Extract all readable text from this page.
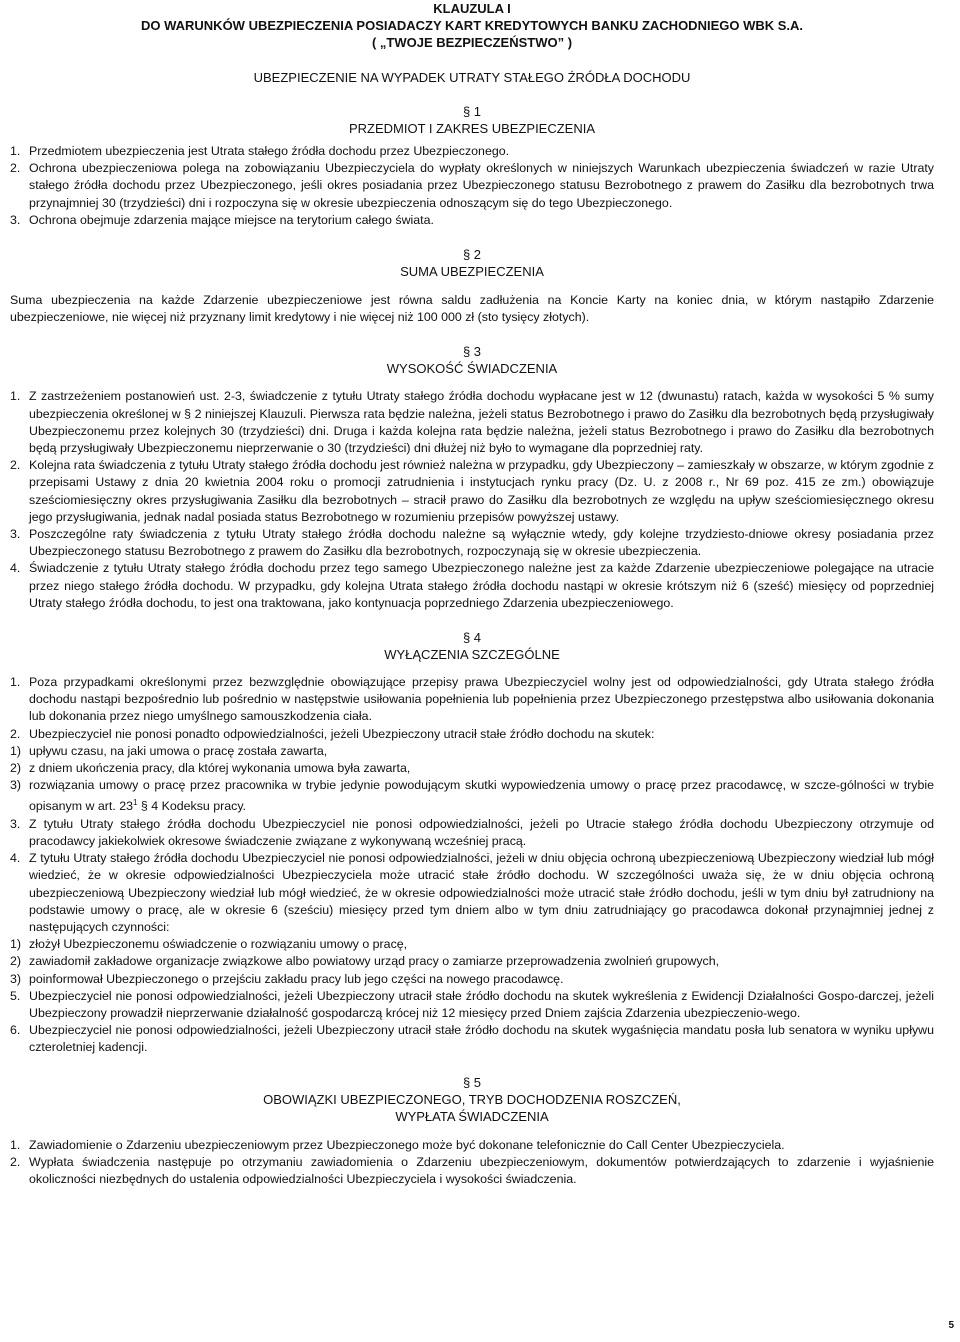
KLAUZULA I
DO WARUNKÓW UBEZPIECZENIA POSIADACZY KART KREDYTOWYCH BANKU ZACHODNIEGO WBK S.A.
( „TWOJE BEZPIECZEŃSTWO” )
UBEZPIECZENIE NA WYPADEK UTRATY STAŁEGO ŹRÓDŁA DOCHODU
§ 1
PRZEDMIOT I ZAKRES UBEZPIECZENIA
1. Przedmiotem ubezpieczenia jest Utrata stałego źródła dochodu przez Ubezpieczonego.
2. Ochrona ubezpieczeniowa polega na zobowiązaniu Ubezpieczyciela do wypłaty określonych w niniejszych Warunkach ubezpieczenia świadczeń w razie Utraty stałego źródła dochodu przez Ubezpieczonego, jeśli okres posiadania przez Ubezpieczonego statusu Bezrobotnego z prawem do Zasiłku dla bezrobotnych trwa przynajmniej 30 (trzydzieści) dni i rozpoczyna się w okresie ubezpieczenia odnoszącym się do tego Ubezpieczonego.
3. Ochrona obejmuje zdarzenia mające miejsce na terytorium całego świata.
§ 2
SUMA UBEZPIECZENIA
Suma ubezpieczenia na każde Zdarzenie ubezpieczeniowe jest równa saldu zadłużenia na Koncie Karty na koniec dnia, w którym nastąpiło Zdarzenie ubezpieczeniowe, nie więcej niż przyznany limit kredytowy i nie więcej niż 100 000 zł (sto tysięcy złotych).
§ 3
WYSOKOŚĆ ŚWIADCZENIA
1. Z zastrzeżeniem postanowień ust. 2-3, świadczenie z tytułu Utraty stałego źródła dochodu wypłacane jest w 12 (dwunastu) ratach, każda w wysokości 5 % sumy ubezpieczenia określonej w § 2 niniejszej Klauzuli. Pierwsza rata będzie należna, jeżeli status Bezrobotnego i prawo do Zasiłku dla bezrobotnych będą przysługiwały Ubezpieczonemu przez kolejnych 30 (trzydzieści) dni. Druga i każda kolejna rata będzie należna, jeżeli status Bezrobotnego i prawo do Zasiłku dla bezrobotnych będą przysługiwały Ubezpieczonemu nieprzerwanie o 30 (trzydzieści) dni dłużej niż było to wymagane dla poprzedniej raty.
2. Kolejna rata świadczenia z tytułu Utraty stałego źródła dochodu jest również należna w przypadku, gdy Ubezpieczony – zamieszkały w obszarze, w którym zgodnie z przepisami Ustawy z dnia 20 kwietnia 2004 roku o promocji zatrudnienia i instytucjach rynku pracy (Dz. U. z 2008 r., Nr 69 poz. 415 ze zm.) obowiązuje sześciomiesięczny okres przysługiwania Zasiłku dla bezrobotnych – stracił prawo do Zasiłku dla bezrobotnych ze względu na upływ sześciomiesięcznego okresu jego przysługiwania, jednak nadal posiada status Bezrobotnego w rozumieniu przepisów powyższej ustawy.
3. Poszczególne raty świadczenia z tytułu Utraty stałego źródła dochodu należne są wyłącznie wtedy, gdy kolejne trzydziesto-dniowe okresy posiadania przez Ubezpieczonego statusu Bezrobotnego z prawem do Zasiłku dla bezrobotnych, rozpoczynają się w okresie ubezpieczenia.
4. Świadczenie z tytułu Utraty stałego źródła dochodu przez tego samego Ubezpieczonego należne jest za każde Zdarzenie ubezpieczeniowe polegające na utracie przez niego stałego źródła dochodu. W przypadku, gdy kolejna Utrata stałego źródła dochodu nastąpi w okresie krótszym niż 6 (sześć) miesięcy od poprzedniej Utraty stałego źródła dochodu, to jest ona traktowana, jako kontynuacja poprzedniego Zdarzenia ubezpieczeniowego.
§ 4
WYŁĄCZENIA SZCZEGÓLNE
1. Poza przypadkami określonymi przez bezwzględnie obowiązujące przepisy prawa Ubezpieczyciel wolny jest od odpowiedzialności, gdy Utrata stałego źródła dochodu nastąpi bezpośrednio lub pośrednio w następstwie usiłowania popełnienia lub popełnienia przez Ubezpieczonego przestępstwa albo usiłowania dokonania lub dokonania przez niego umyślnego samouszkodzenia ciała.
2. Ubezpieczyciel nie ponosi ponadto odpowiedzialności, jeżeli Ubezpieczony utracił stałe źródło dochodu na skutek:
1) upływu czasu, na jaki umowa o pracę została zawarta,
2) z dniem ukończenia pracy, dla której wykonania umowa była zawarta,
3) rozwiązania umowy o pracę przez pracownika w trybie jedynie powodującym skutki wypowiedzenia umowy o pracę przez pracodawcę, w szcze-gólności w trybie opisanym w art. $23^1$ § 4 Kodeksu pracy.
3. Z tytułu Utraty stałego źródła dochodu Ubezpieczyciel nie ponosi odpowiedzialności, jeżeli po Utracie stałego źródła dochodu Ubezpieczony otrzymuje od pracodawcy jakiekolwiek okresowe świadczenie związane z wykonywaną wcześniej pracą.
4. Z tytułu Utraty stałego źródła dochodu Ubezpieczyciel nie ponosi odpowiedzialności, jeżeli w dniu objęcia ochroną ubezpieczeniową Ubezpieczony wiedział lub mógł wiedzieć, że w okresie odpowiedzialności Ubezpieczyciela może utracić stałe źródło dochodu. W szczególności uważa się, że w dniu objęcia ochroną ubezpieczeniową Ubezpieczony wiedział lub mógł wiedzieć, że w okresie odpowiedzialności może utracić stałe źródło dochodu, jeśli w tym dniu był zatrudniony na podstawie umowy o pracę, ale w okresie 6 (sześciu) miesięcy przed tym dniem albo w tym dniu zatrudniający go pracodawca dokonał przynajmniej jednej z następujących czynności:
1) złożył Ubezpieczonemu oświadczenie o rozwiązaniu umowy o pracę,
2) zawiadomił zakładowe organizacje związkowe albo powiatowy urząd pracy o zamiarze przeprowadzenia zwolnień grupowych,
3) poinformował Ubezpieczonego o przejściu zakładu pracy lub jego części na nowego pracodawcę.
5. Ubezpieczyciel nie ponosi odpowiedzialności, jeżeli Ubezpieczony utracił stałe źródło dochodu na skutek wykreślenia z Ewidencji Działalności Gospo-darczej, jeżeli Ubezpieczony prowadził nieprzerwanie działalność gospodarczą krócej niż 12 miesięcy przed Dniem zajścia Zdarzenia ubezpieczenio-wego.
6. Ubezpieczyciel nie ponosi odpowiedzialności, jeżeli Ubezpieczony utracił stałe źródło dochodu na skutek wygaśnięcia mandatu posła lub senatora w wyniku upływu czteroletniej kadencji.
§ 5
OBOWIĄZKI UBEZPIECZONEGO, TRYB DOCHODZENIA ROSZCZEŃ,
WYPŁATA ŚWIADCZENIA
1. Zawiadomienie o Zdarzeniu ubezpieczeniowym przez Ubezpieczonego może być dokonane telefonicznie do Call Center Ubezpieczyciela.
2. Wypłata świadczenia następuje po otrzymaniu zawiadomienia o Zdarzeniu ubezpieczeniowym, dokumentów potwierdzających to zdarzenie i wyjaśnienie okoliczności niezbędnych do ustalenia odpowiedzialności Ubezpieczyciela i wysokości świadczenia.
5
